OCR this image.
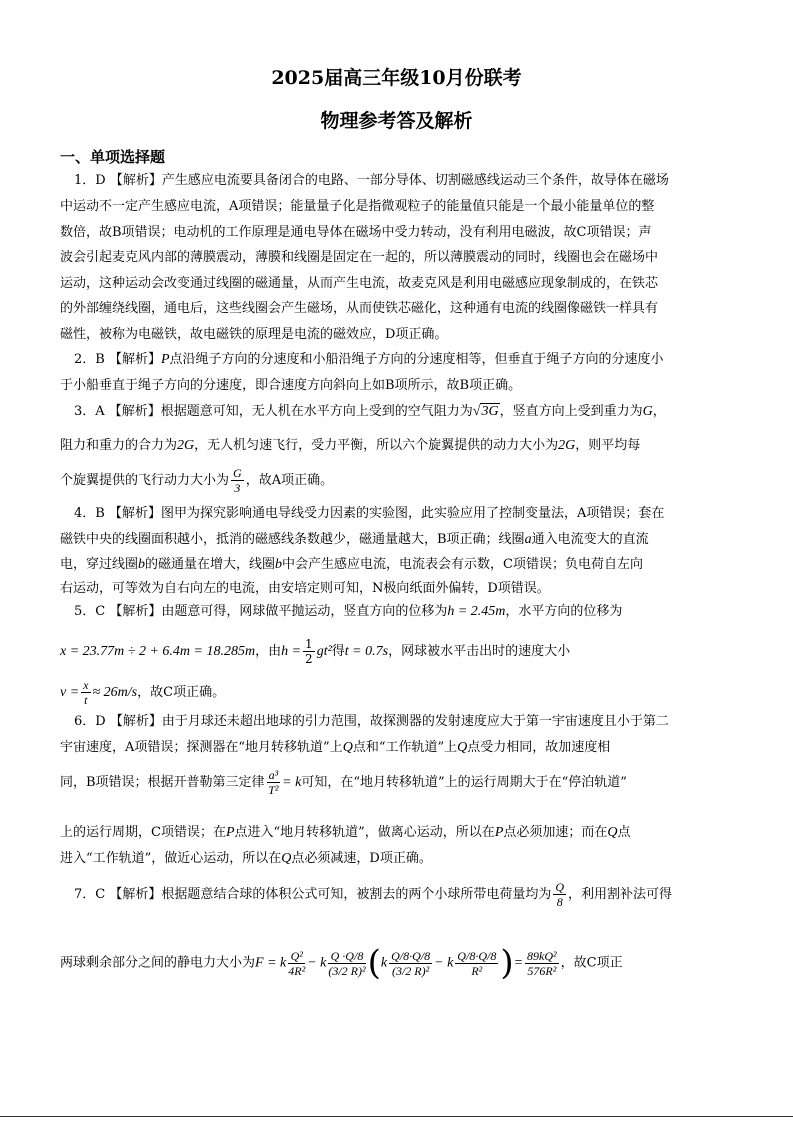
2025届高三年级10月份联考
物理参考答及解析
一、单项选择题
1．D 【解析】产生感应电流要具备闭合的电路、一部分导体、切割磁感线运动三个条件，故导体在磁场
中运动不一定产生感应电流，A项错误；能量量子化是指微观粒子的能量值只能是一个最小能量单位的整
数倍，故B项错误；电动机的工作原理是通电导体在磁场中受力转动，没有利用电磁波，故C项错误；声
波会引起麦克风内部的薄膜震动，薄膜和线圈是固定在一起的，所以薄膜震动的同时，线圈也会在磁场中
运动，这种运动会改变通过线圈的磁通量，从而产生电流，故麦克风是利用电磁感应现象制成的，在铁芯
的外部缠绕线圈，通电后，这些线圈会产生磁场，从而使铁芯磁化，这种通有电流的线圈像磁铁一样具有
磁性，被称为电磁铁，故电磁铁的原理是电流的磁效应，D项正确。
2．B 【解析】P点沿绳子方向的分速度和小船沿绳子方向的分速度相等，但垂直于绳子方向的分速度小
于小船垂直于绳子方向的分速度，即合速度方向斜向上如B项所示，故B项正确。
3．A 【解析】根据题意可知，无人机在水平方向上受到的空气阻力为√3G，竖直方向上受到重力为G，
阻力和重力的合力为2G，无人机匀速飞行，受力平衡，所以六个旋翼提供的动力大小为2G，则平均每
个旋翼提供的飞行动力大小为 $\frac{G}{3}$ ，故A项正确。
4．B 【解析】图甲为探究影响通电导线受力因素的实验图，此实验应用了控制变量法，A项错误；套在
磁铁中央的线圈面积越小，抵消的磁感线条数越少，磁通量越大，B项正确；线圈a通入电流变大的直流
电，穿过线圈b的磁通量在增大，线圈b中会产生感应电流，电流表会有示数，C项错误；负电荷自左向
右运动，可等效为自右向左的电流，由安培定则可知，N极向纸面外偏转，D项错误。
5．C 【解析】由题意可得，网球做平抛运动，竖直方向的位移为h = 2.45m，水平方向的位移为
x = 23.77m ÷ 2 + 6.4m = 18.285m，由$h = \frac{1}{2} gt^2$得t = 0.7s，网球被水平击出时的速度大小
$v = \frac{x}{t} \approx 26m/s$，故C项正确。
6．D 【解析】由于月球还未超出地球的引力范围，故探测器的发射速度应大于第一宇宙速度且小于第二
宇宙速度，A项错误；探测器在“地月转移轨道”上Q点和“工作轨道”上Q点受力相同，故加速度相
同，B项错误；根据开普勒第三定律 $\frac{\text{a³}}{\text{T²}} = k$可知，在“地月转移轨道”上的运行周期大于在“停泊轨道”
上的运行周期，C项错误；在P点进入“地月转移轨道”，做离心运动，所以在P点必须加速；而在Q点
进入“工作轨道”，做近心运动，所以在Q点必须减速，D项正确。
7．C 【解析】根据题意结合球的体积公式可知，被割去的两个小球所带电荷量均为 $\frac{Q}{8}$ ，利用割补法可得
两球剩余部分之间的静电力大小为F = k $\frac{\text{Q²}}{\text{4R²}} - k \frac{Q \cdot Q/8}{\text{(3/2 R)²}} (k \frac{Q/8\cdot Q/8}{\text{(3/2 R)²}} - k \frac{Q/8\cdot Q/8}{\text{R²}}$ )= $\frac{\text{89kQ²}}{\text{576R²}}$ ，故C项正
